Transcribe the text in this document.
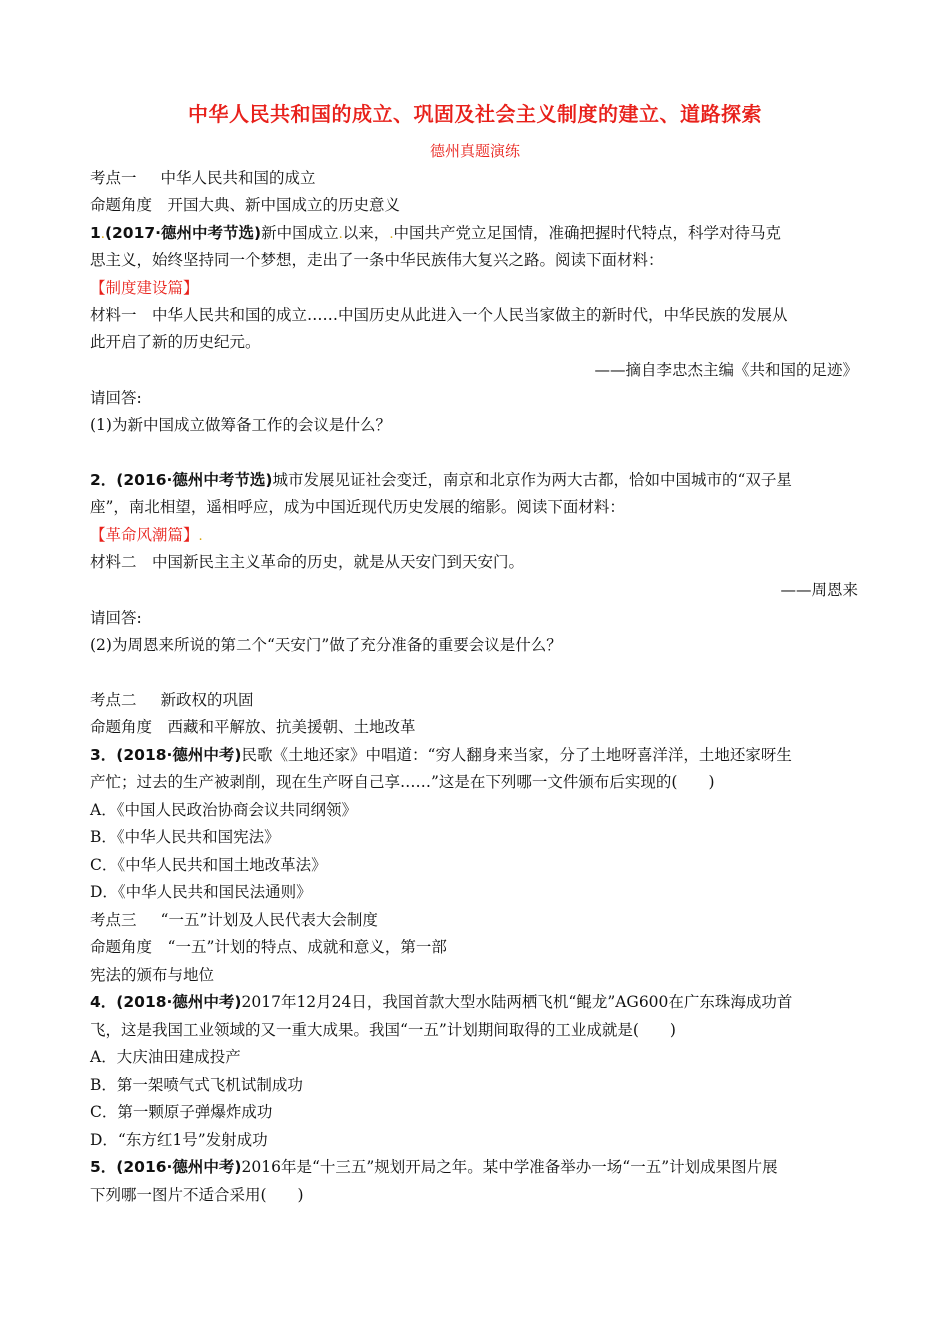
中华人民共和国的成立、巩固及社会主义制度的建立、道路探索
德州真题演练
考点一 中华人民共和国的成立
命题角度　 开国大典、新中国成立的历史意义
1.(2017·德州中考节选)新中国成立.以来，.中国共产党立足国情，准确把握时代特点，科学对待马克
思主义，始终坚持同一个梦想，走出了一条中华民族伟大复兴之路。阅读下面材料：
【制度建设篇】
材料一　中华人民共和国的成立……中国历史从此进入一个人民当家做主的新时代，中华民族的发展从
此开启了新的历史纪元。
——摘自李忠杰主编《共和国的足迹》
请回答:
(1)为新中国成立做筹备工作的会议是什么？
2．(2016·德州中考节选)城市发展见证社会变迁，南京和北京作为两大古都，恰如中国城市的“双子星
座”，南北相望，遥相呼应，成为中国近现代历史发展的缩影。阅读下面材料：
【革命风潮篇】.
材料二　中国新民主主义革命的历史，就是从天安门到天安门。
——周恩来
请回答:
(2)为周恩来所说的第二个“天安门”做了充分准备的重要会议是什么？
考点二 新政权的巩固
命题角度　 西藏和平解放、抗美援朝、土地改革
3．(2018·德州中考)民歌《土地还家》中唱道：“穷人翻身来当家，分了土地呀喜洋洋，土地还家呀生
产忙；过去的生产被剥削，现在生产呀自己享……”这是在下列哪一文件颁布后实现的(　　)
A．《中国人民政治协商会议共同纲领》
B．《中华人民共和国宪法》
C．《中华人民共和国土地改革法》
D．《中华人民共和国民法通则》
考点三 “一五”计划及人民代表大会制度
命题角度　 “一五”计划的特点、成就和意义，第一部
宪法的颁布与地位
4．(2018·德州中考)2017年12月24日，我国首款大型水陆两栖飞机“鲲龙”AG600在广东珠海成功首
飞，这是我国工业领域的又一重大成果。我国“一五”计划期间取得的工业成就是(　　)
A．大庆油田建成投产
B．第一架喷气式飞机试制成功
C．第一颗原子弹爆炸成功
D．“东方红1号”发射成功
5．(2016·德州中考)2016年是“十三五”规划开局之年。某中学准备举办一场“一五”计划成果图片展
下列哪一图片不适合采用(　　)
